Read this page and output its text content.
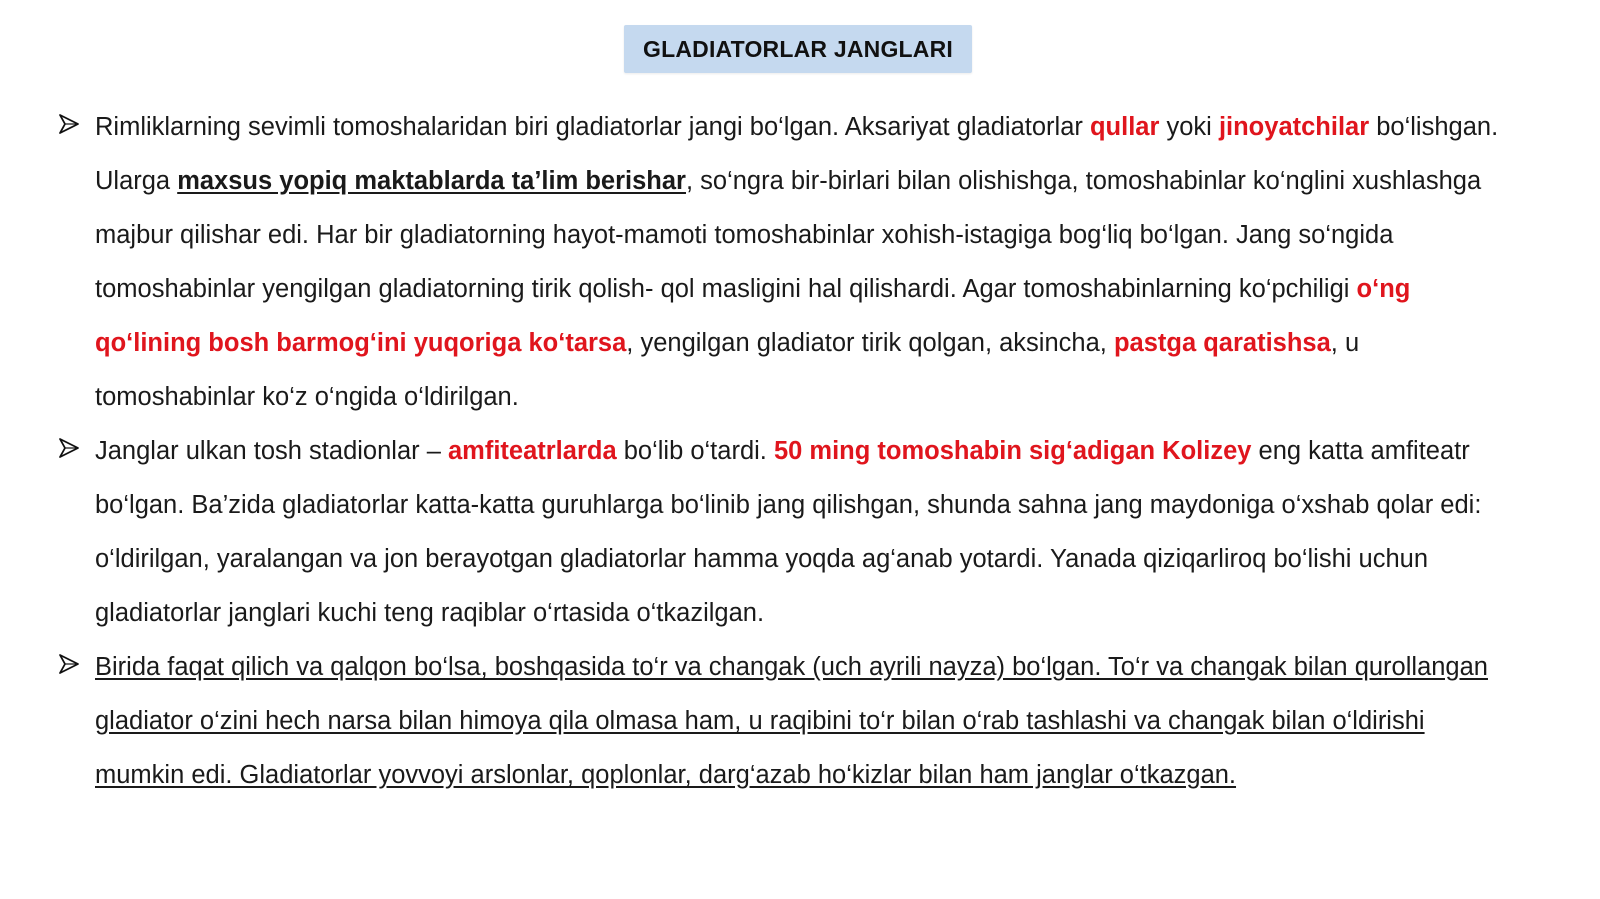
GLADIATORLAR JANGLARI
Rimliklarning sevimli tomoshalaridan biri gladiatorlar jangi bo‘lgan. Aksariyat gladiatorlar qullar yoki jinoyatchilar bo‘lishgan. Ularga maxsus yopiq maktablarda ta’lim berishar, so‘ngra bir-birlari bilan olishishga, tomoshabinlar ko‘nglini xushlashga majbur qilishar edi. Har bir gladiatorning hayot-mamoti tomoshabinlar xohish-istagiga bog‘liq bo‘lgan. Jang so‘ngida tomoshabinlar yengilgan gladiatorning tirik qolish- qol masligini hal qilishardi. Agar tomoshabinlarning ko‘pchiligi o‘ng qo‘lining bosh barmog‘ini yuqoriga ko‘tarsa, yengilgan gladiator tirik qolgan, aksincha, pastga qaratishsa, u tomoshabinlar ko‘z o‘ngida o‘ldirilgan.
Janglar ulkan tosh stadionlar – amfiteatrlarda bo‘lib o‘tardi. 50 ming tomoshabin sig‘adigan Kolizey eng katta amfiteatr bo‘lgan. Ba’zida gladiatorlar katta-katta guruhlarga bo‘linib jang qilishgan, shunda sahna jang maydoniga o‘xshab qolar edi: o‘ldirilgan, yaralangan va jon berayotgan gladiatorlar hamma yoqda ag‘anab yotardi. Yanada qiziqarliroq bo‘lishi uchun gladiatorlar janglari kuchi teng raqiblar o‘rtasida o‘tkazilgan.
Birida faqat qilich va qalqon bo‘lsa, boshqasida to‘r va changak (uch ayrili nayza) bo‘lgan. To‘r va changak bilan qurollangan gladiator o‘zini hech narsa bilan himoya qila olmasa ham, u raqibini to‘r bilan o‘rab tashlashi va changak bilan o‘ldirishi mumkin edi. Gladiatorlar yovvoyi arslonlar, qoplonlar, darg‘azab ho‘kizlar bilan ham janglar o‘tkazgan.
